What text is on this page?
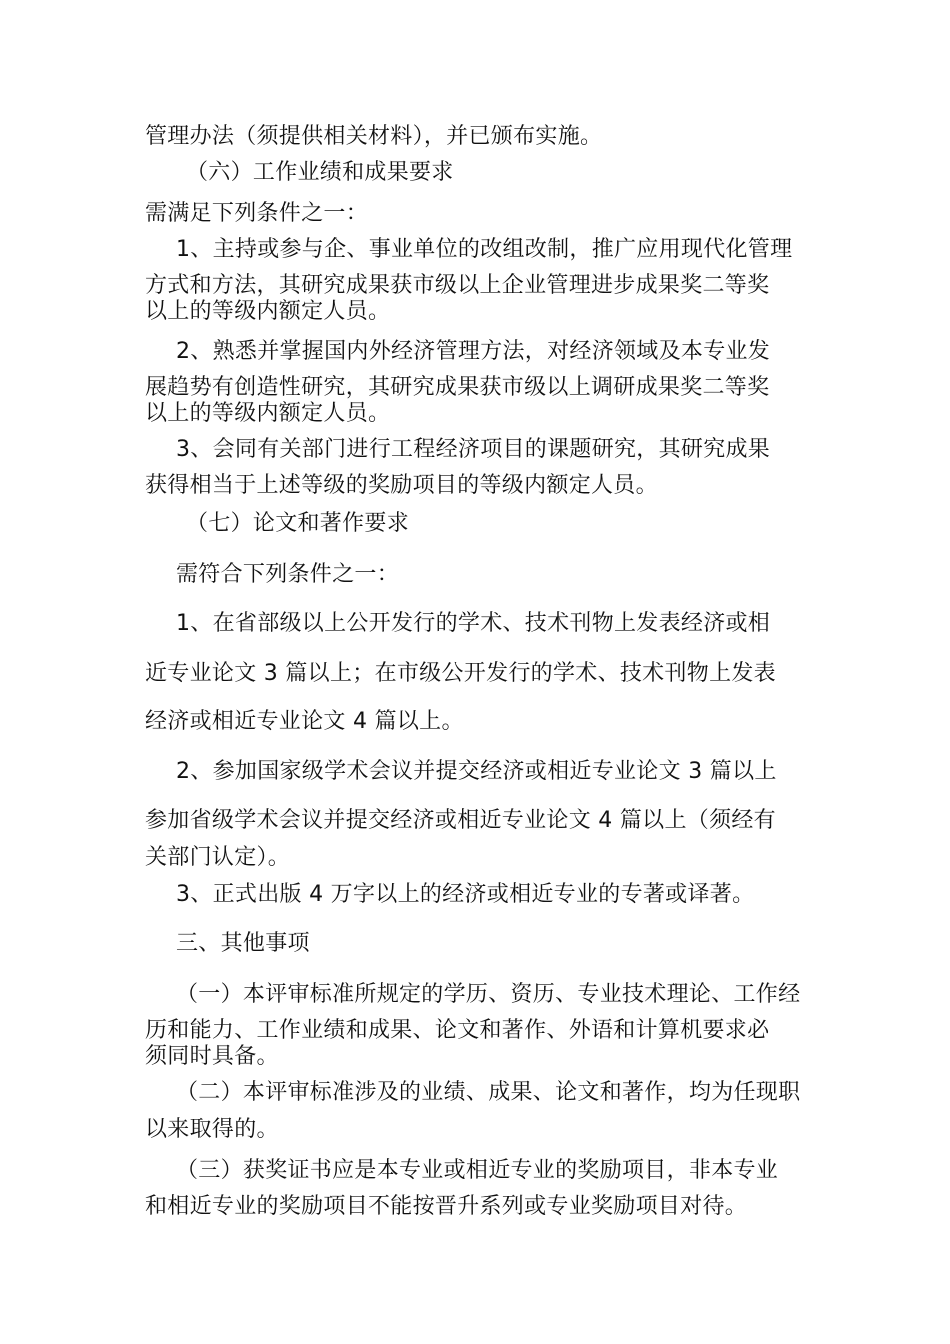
管理办法（须提供相关材料），并已颁布实施。
（六）工作业绩和成果要求
需满足下列条件之一：
1、主持或参与企、事业单位的改组改制，推广应用现代化管理
方式和方法，其研究成果获市级以上企业管理进步成果奖二等奖
以上的等级内额定人员。
2、熟悉并掌握国内外经济管理方法，对经济领域及本专业发
展趋势有创造性研究，其研究成果获市级以上调研成果奖二等奖
以上的等级内额定人员。
3、会同有关部门进行工程经济项目的课题研究，其研究成果
获得相当于上述等级的奖励项目的等级内额定人员。
（七）论文和著作要求
需符合下列条件之一：
1、在省部级以上公开发行的学术、技术刊物上发表经济或相
近专业论文 3 篇以上；在市级公开发行的学术、技术刊物上发表
经济或相近专业论文 4 篇以上。
2、参加国家级学术会议并提交经济或相近专业论文 3 篇以上
参加省级学术会议并提交经济或相近专业论文 4 篇以上（须经有
关部门认定）。
3、正式出版 4 万字以上的经济或相近专业的专著或译著。
三、其他事项
（一）本评审标准所规定的学历、资历、专业技术理论、工作经
历和能力、工作业绩和成果、论文和著作、外语和计算机要求必
须同时具备。
（二）本评审标准涉及的业绩、成果、论文和著作，均为任现职
以来取得的。
（三）获奖证书应是本专业或相近专业的奖励项目，非本专业
和相近专业的奖励项目不能按晋升系列或专业奖励项目对待。
